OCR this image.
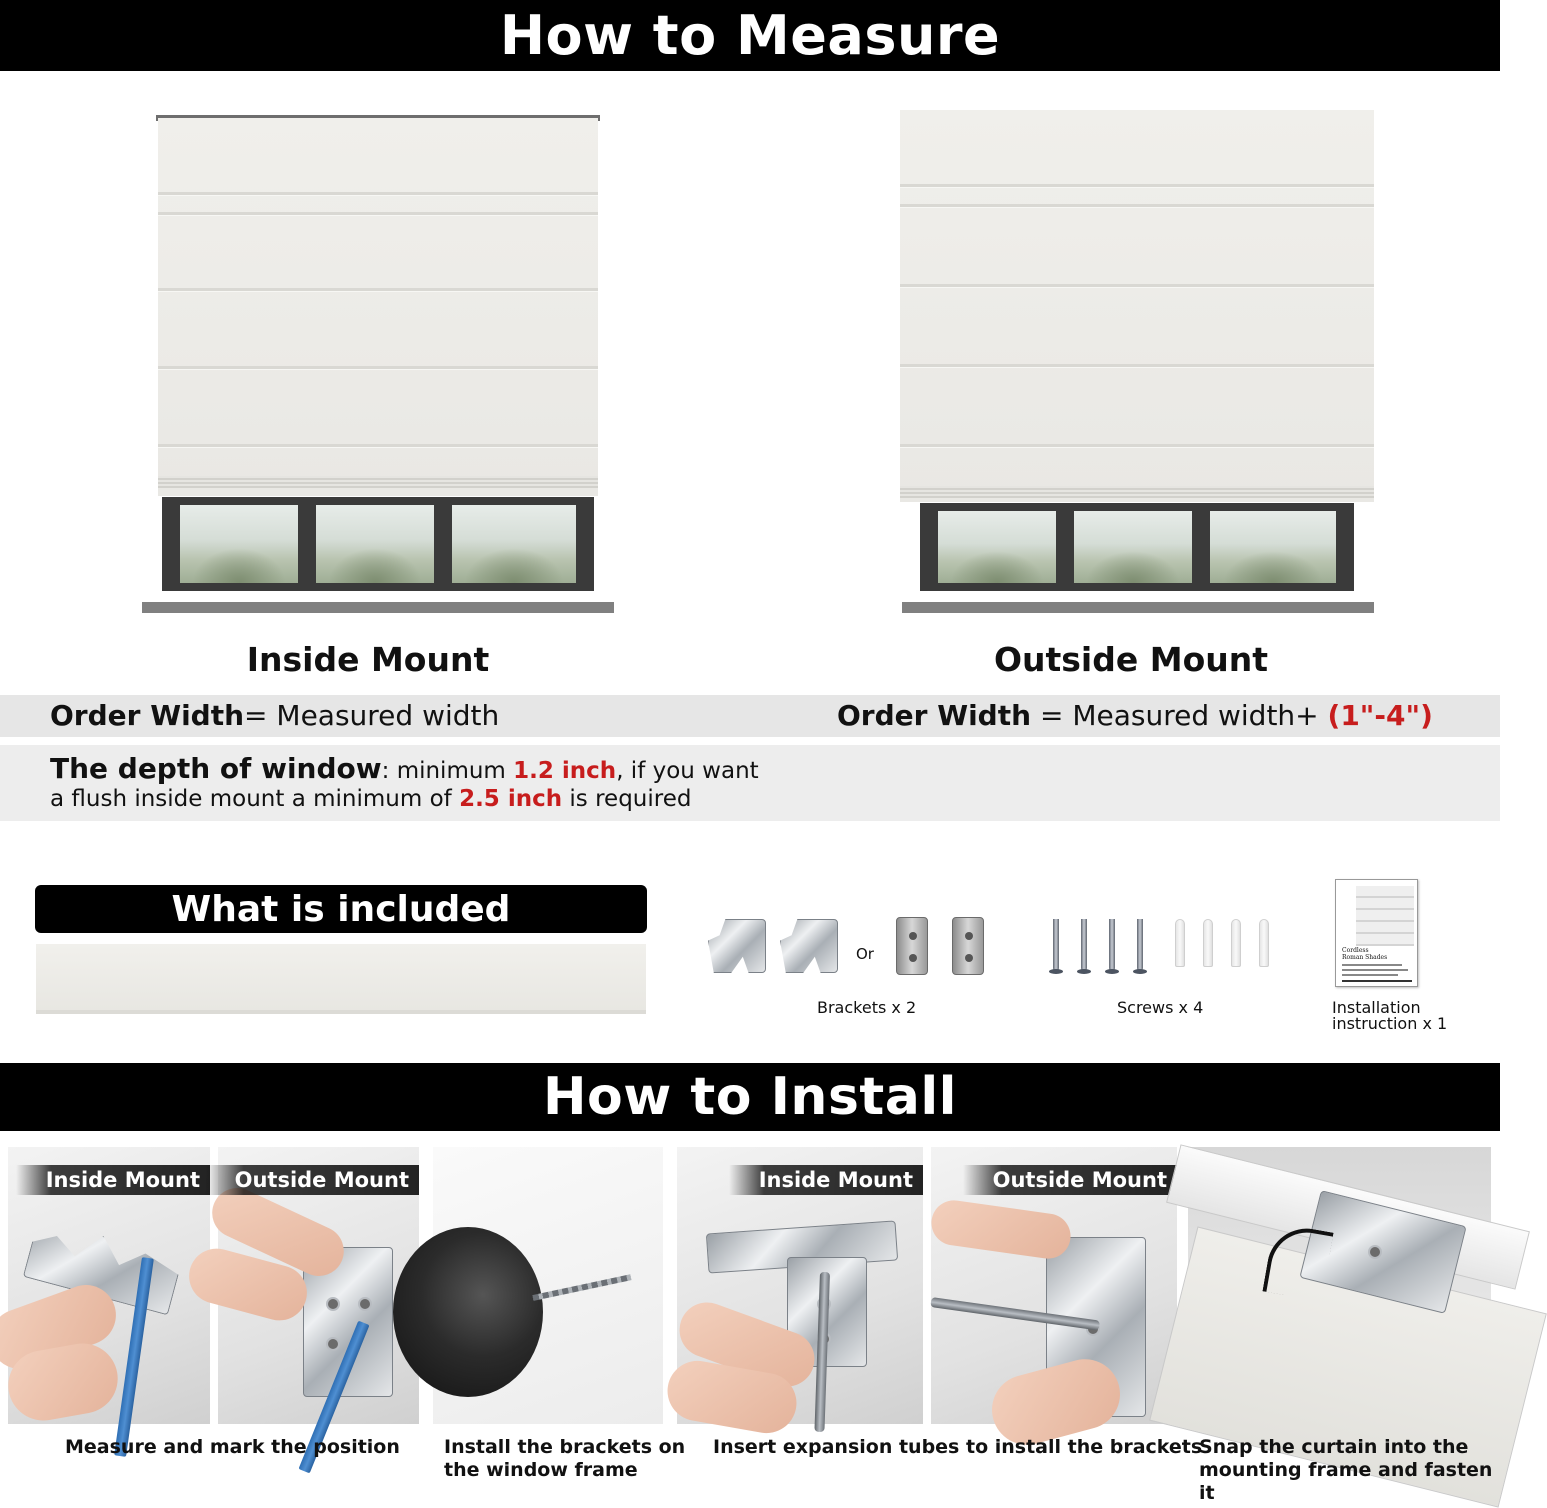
How to Measure
Inside Mount	Outside Mount
Order Width= Measured width	Order Width = Measured width+ (1"-4")
The depth of window: minimum 1.2 inch, if you want
a flush inside mount a minimum of 2.5 inch is required
What is included
Or
Brackets x 2	Screws x 4
Cordless
Roman Shades
Installation
instruction x 1
How to Install
Inside Mount	Outside Mount	Inside Mount	Outside Mount
Measure and mark the position Install the brackets on
the window frame
Insert expansion tubes to install the brackets
Snap the curtain into the
mounting frame and fasten it
